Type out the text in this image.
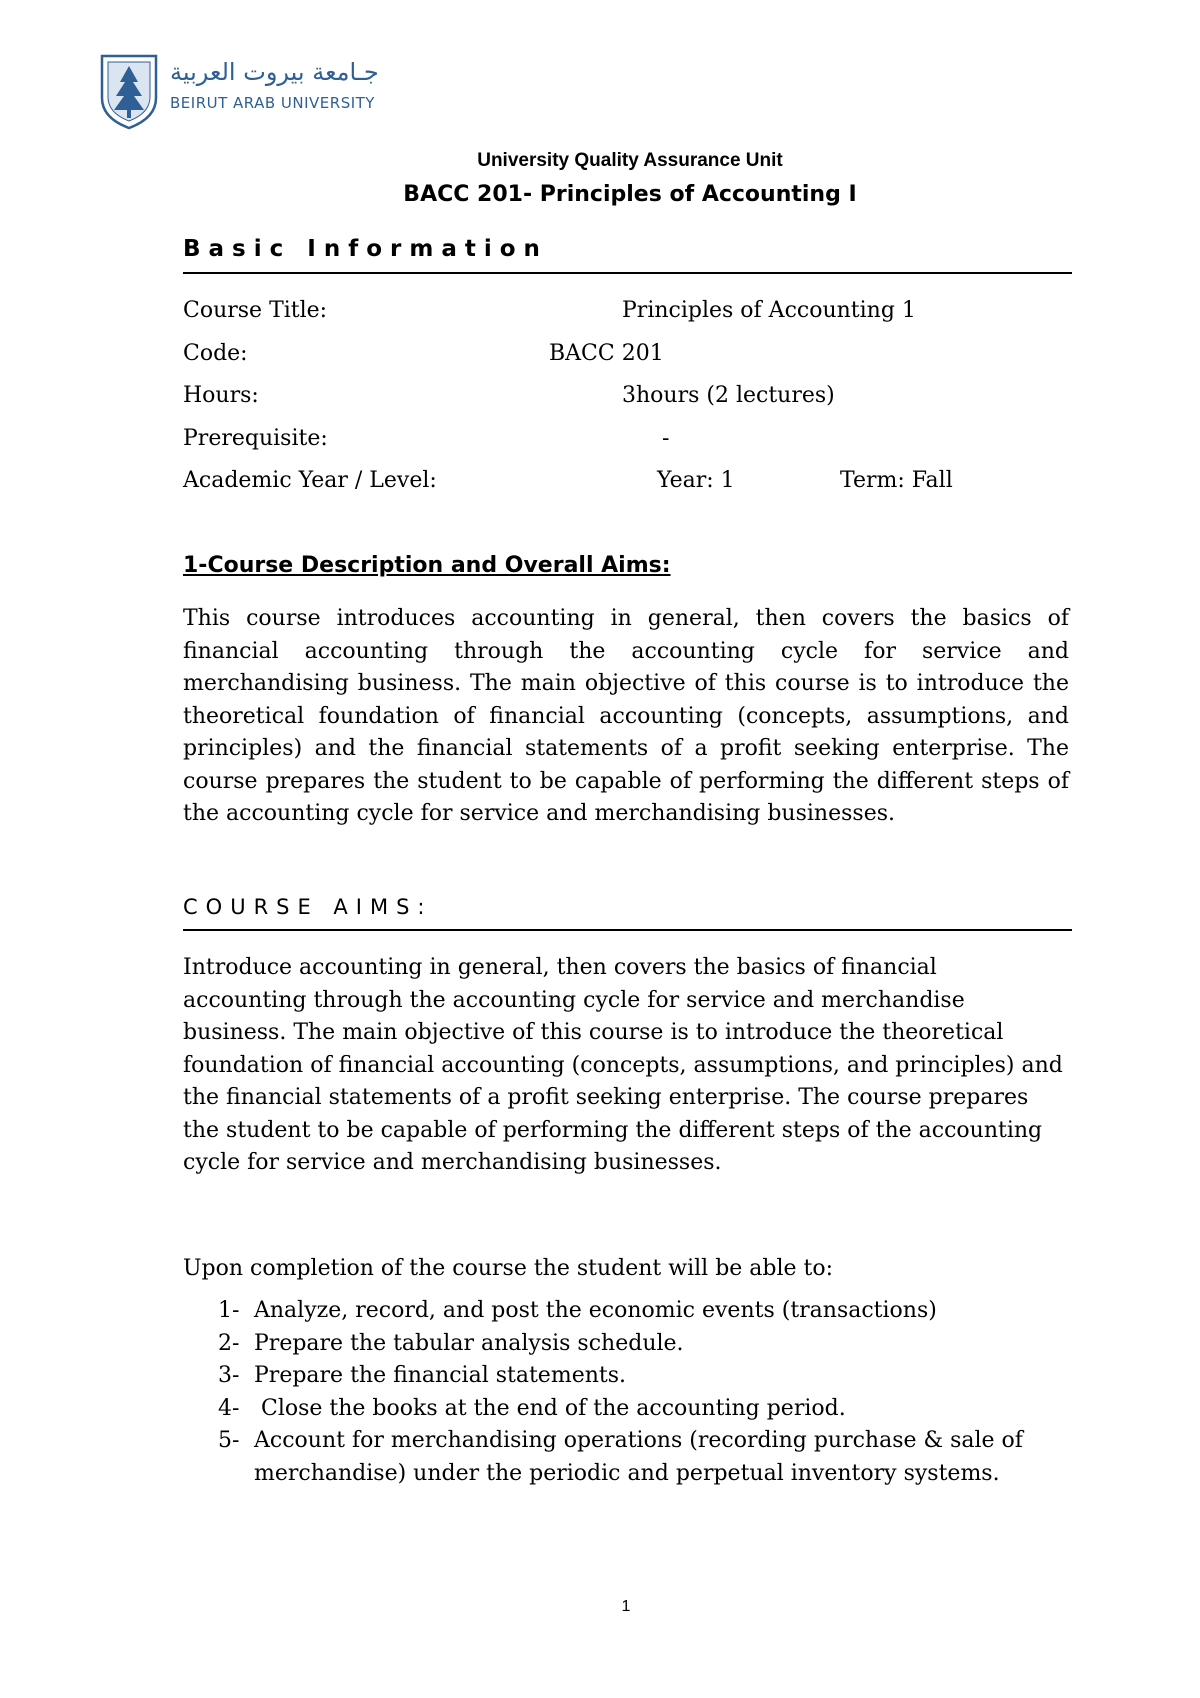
جـامعة بيروت العربية
BEIRUT ARAB UNIVERSITY
University Quality Assurance Unit
BACC 201- Principles of Accounting I
Basic Information
Course Title:	Principles of Accounting 1
Code:	BACC 201
Hours:	3hours (2 lectures)
Prerequisite:	-
Academic Year / Level:	Year: 1	Term: Fall
1-Course Description and Overall Aims:
This course introduces accounting in general, then covers the basics of financial accounting through the accounting cycle for service and merchandising business. The main objective of this course is to introduce the theoretical foundation of financial accounting (concepts, assumptions, and principles) and the financial statements of a profit seeking enterprise. The course prepares the student to be capable of performing the different steps of the accounting cycle for service and merchandising businesses.
COURSE AIMS:
Introduce accounting in general, then covers the basics of financial accounting through the accounting cycle for service and merchandise business. The main objective of this course is to introduce the theoretical foundation of financial accounting (concepts, assumptions, and principles) and the financial statements of a profit seeking enterprise. The course prepares the student to be capable of performing the different steps of the accounting cycle for service and merchandising businesses.
Upon completion of the course the student will be able to:
1- Analyze, record, and post the economic events (transactions)
2- Prepare the tabular analysis schedule.
3- Prepare the financial statements.
4- Close the books at the end of the accounting period.
5- Account for merchandising operations (recording purchase & sale of merchandise) under the periodic and perpetual inventory systems.
1
